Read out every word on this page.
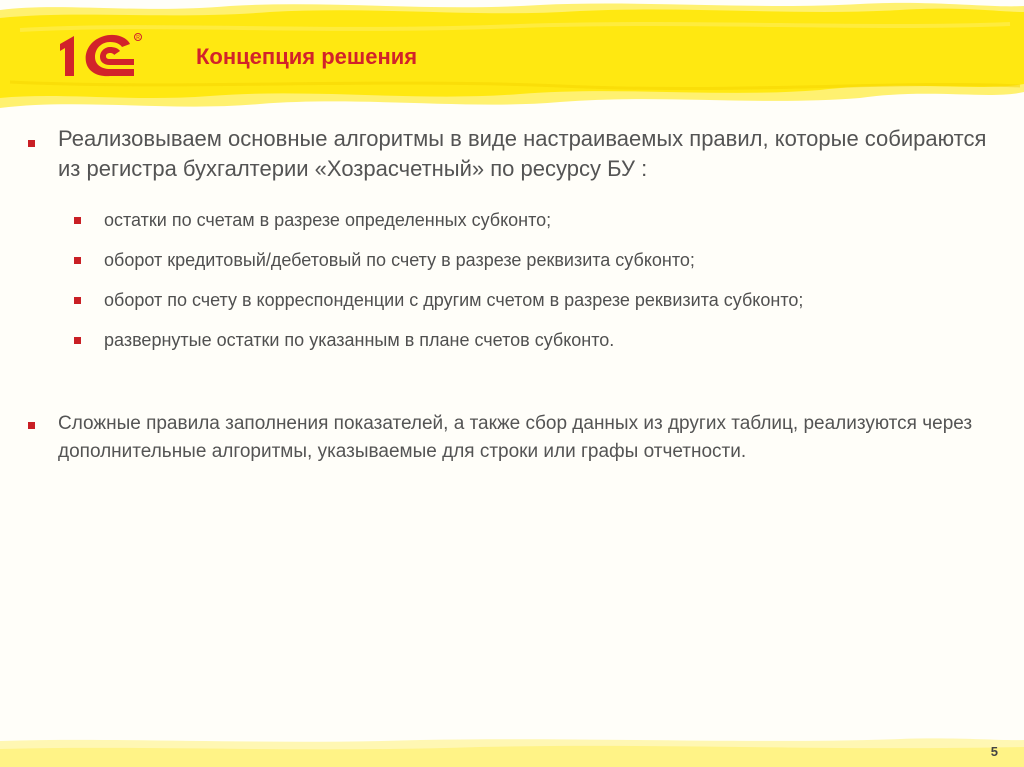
R
Концепция решения
Реализовываем основные алгоритмы в виде настраиваемых правил, которые собираются из регистра бухгалтерии «Хозрасчетный» по ресурсу БУ :
остатки по счетам в разрезе определенных субконто;
оборот кредитовый/дебетовый по счету в разрезе реквизита субконто;
оборот по счету в корреспонденции с другим счетом в разрезе реквизита субконто;
развернутые остатки по указанным в плане счетов субконто.
Сложные правила заполнения показателей, а также сбор данных из других таблиц, реализуются через дополнительные алгоритмы, указываемые для строки или графы отчетности.
5
